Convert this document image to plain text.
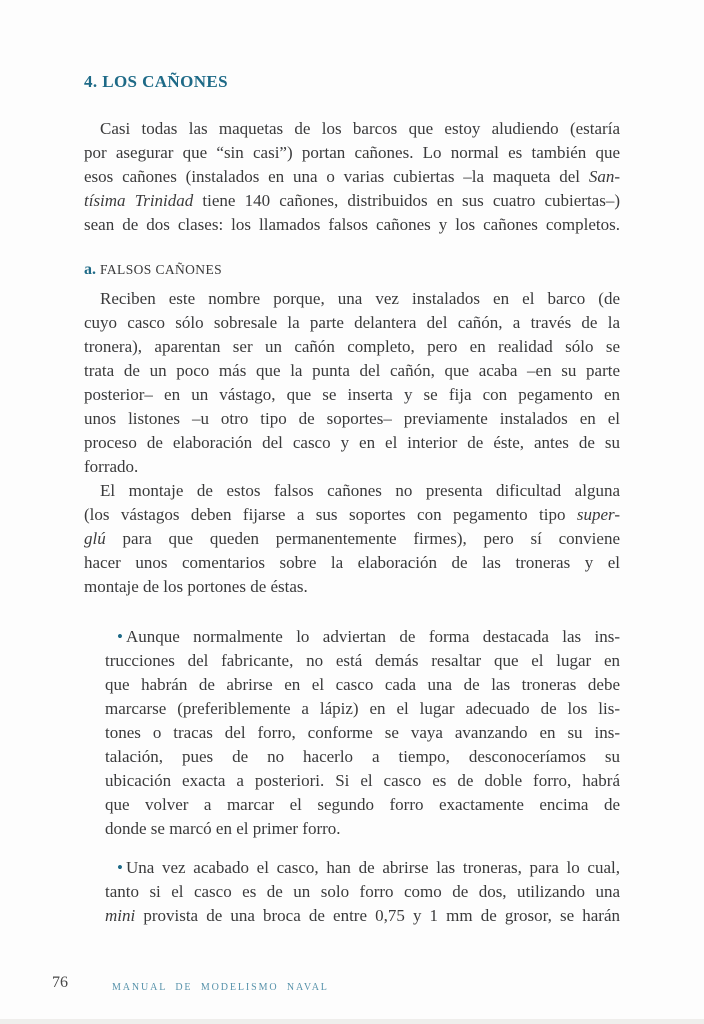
4. LOS CAÑONES
Casi todas las maquetas de los barcos que estoy aludiendo (estaría
por asegurar que “sin casi”) portan cañones. Lo normal es también que
esos cañones (instalados en una o varias cubiertas –la maqueta del San-
tísima Trinidad tiene 140 cañones, distribuidos en sus cuatro cubiertas–)
sean de dos clases: los llamados falsos cañones y los cañones completos.
a. FALSOS CAÑONES
Reciben este nombre porque, una vez instalados en el barco (de
cuyo casco sólo sobresale la parte delantera del cañón, a través de la
tronera), aparentan ser un cañón completo, pero en realidad sólo se
trata de un poco más que la punta del cañón, que acaba –en su parte
posterior– en un vástago, que se inserta y se fija con pegamento en
unos listones –u otro tipo de soportes– previamente instalados en el
proceso de elaboración del casco y en el interior de éste, antes de su
forrado.
El montaje de estos falsos cañones no presenta dificultad alguna
(los vástagos deben fijarse a sus soportes con pegamento tipo super-
glú para que queden permanentemente firmes), pero sí conviene
hacer unos comentarios sobre la elaboración de las troneras y el
montaje de los portones de éstas.
• Aunque normalmente lo adviertan de forma destacada las ins-
trucciones del fabricante, no está demás resaltar que el lugar en
que habrán de abrirse en el casco cada una de las troneras debe
marcarse (preferiblemente a lápiz) en el lugar adecuado de los lis-
tones o tracas del forro, conforme se vaya avanzando en su ins-
talación, pues de no hacerlo a tiempo, desconoceríamos su
ubicación exacta a posteriori. Si el casco es de doble forro, habrá
que volver a marcar el segundo forro exactamente encima de
donde se marcó en el primer forro.
• Una vez acabado el casco, han de abrirse las troneras, para lo cual,
tanto si el casco es de un solo forro como de dos, utilizando una
mini provista de una broca de entre 0,75 y 1 mm de grosor, se harán
76	MANUAL DE MODELISMO NAVAL
